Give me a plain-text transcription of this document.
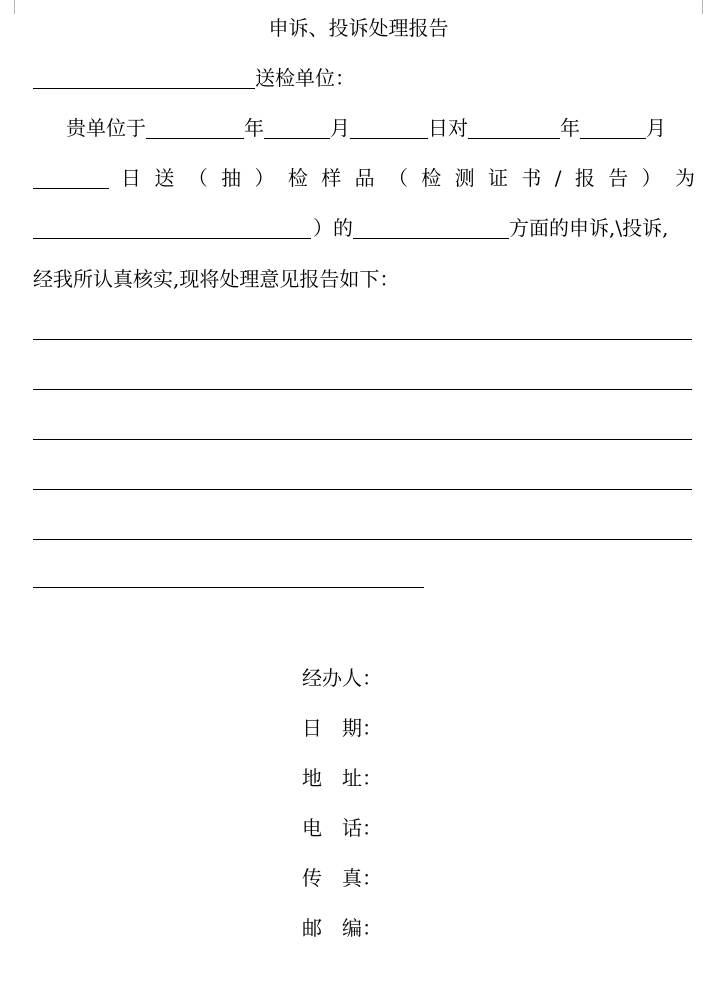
申诉、投诉处理报告
送检单位：
贵单位于	年	月	日对	年	月
日送（抽）检样品（检测证书/报告）为
）的	方面的申诉,\投诉,
经我所认真核实,现将处理意见报告如下：
经办人：
日　期：
地　址：
电　话：
传　真：
邮　编：
